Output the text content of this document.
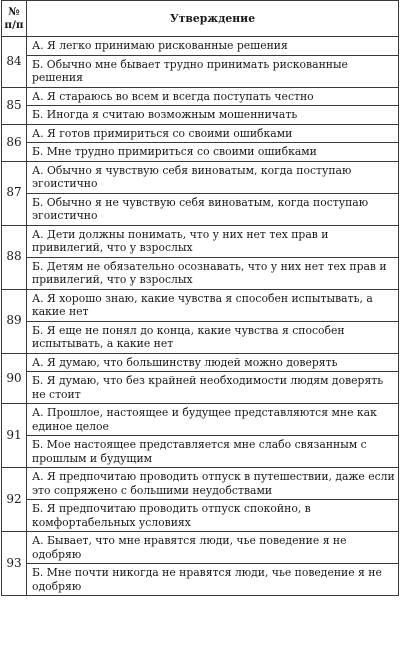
№
п/п	Утверждение
84	А. Я легко принимаю рискованные решения
	Б. Обычно мне бывает трудно принимать рискованные решения
85	А. Я стараюсь во всем и всегда поступать честно
	Б. Иногда я считаю возможным мошенничать
86	А. Я готов примириться со своими ошибками
	Б. Мне трудно примириться со своими ошибками
87	А. Обычно я чувствую себя виноватым, когда поступаю эгоистично
	Б. Обычно я не чувствую себя виноватым, когда поступаю эгоистично
88	А. Дети должны понимать, что у них нет тех прав и привилегий, что у взрослых
	Б. Детям не обязательно осознавать, что у них нет тех прав и привилегий, что у взрослых
89	А. Я хорошо знаю, какие чувства я способен испытывать, а какие нет
	Б. Я еще не понял до конца, какие чувства я способен испытывать, а какие нет
90	А. Я думаю, что большинству людей можно доверять
	Б. Я думаю, что без крайней необходимости людям доверять не стоит
91	А. Прошлое, настоящее и будущее представляются мне как единое целое
	Б. Мое настоящее представляется мне слабо связанным с прошлым и будущим
92	А. Я предпочитаю проводить отпуск в путешествии, даже если это сопряжено с большими неудобствами
	Б. Я предпочитаю проводить отпуск спокойно, в комфортабельных условиях
93	А. Бывает, что мне нравятся люди, чье поведение я не одобряю
	Б. Мне почти никогда не нравятся люди, чье поведение я не одобряю
